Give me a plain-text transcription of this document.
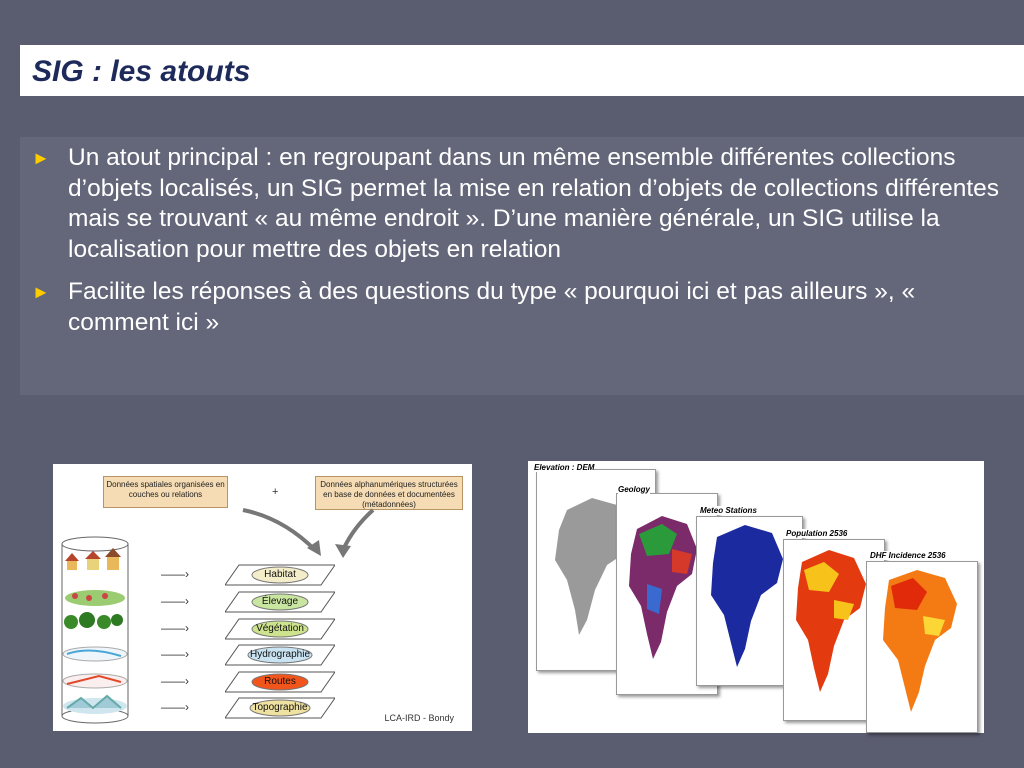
SIG : les atouts
► Un atout principal : en regroupant dans un même ensemble différentes collections d’objets localisés, un SIG permet la mise en relation d’objets de collections différentes mais se trouvant « au même endroit ». D’une manière générale, un SIG utilise la localisation pour mettre des objets en relation
► Facilite les réponses à des questions du type « pourquoi ici et pas ailleurs », « comment ici »
Données spatiales organisées en couches ou relations	+
Données alphanumériques structurées en base de données et documentées (métadonnées)
——›
——›
——›
——›
——›
——›
Habitat
Élevage
Végétation
Hydrographie
Routes
Topographie
LCA-IRD - Bondy
Elevation : DEM
Geology
Meteo Stations
Population 2536
DHF Incidence 2536
